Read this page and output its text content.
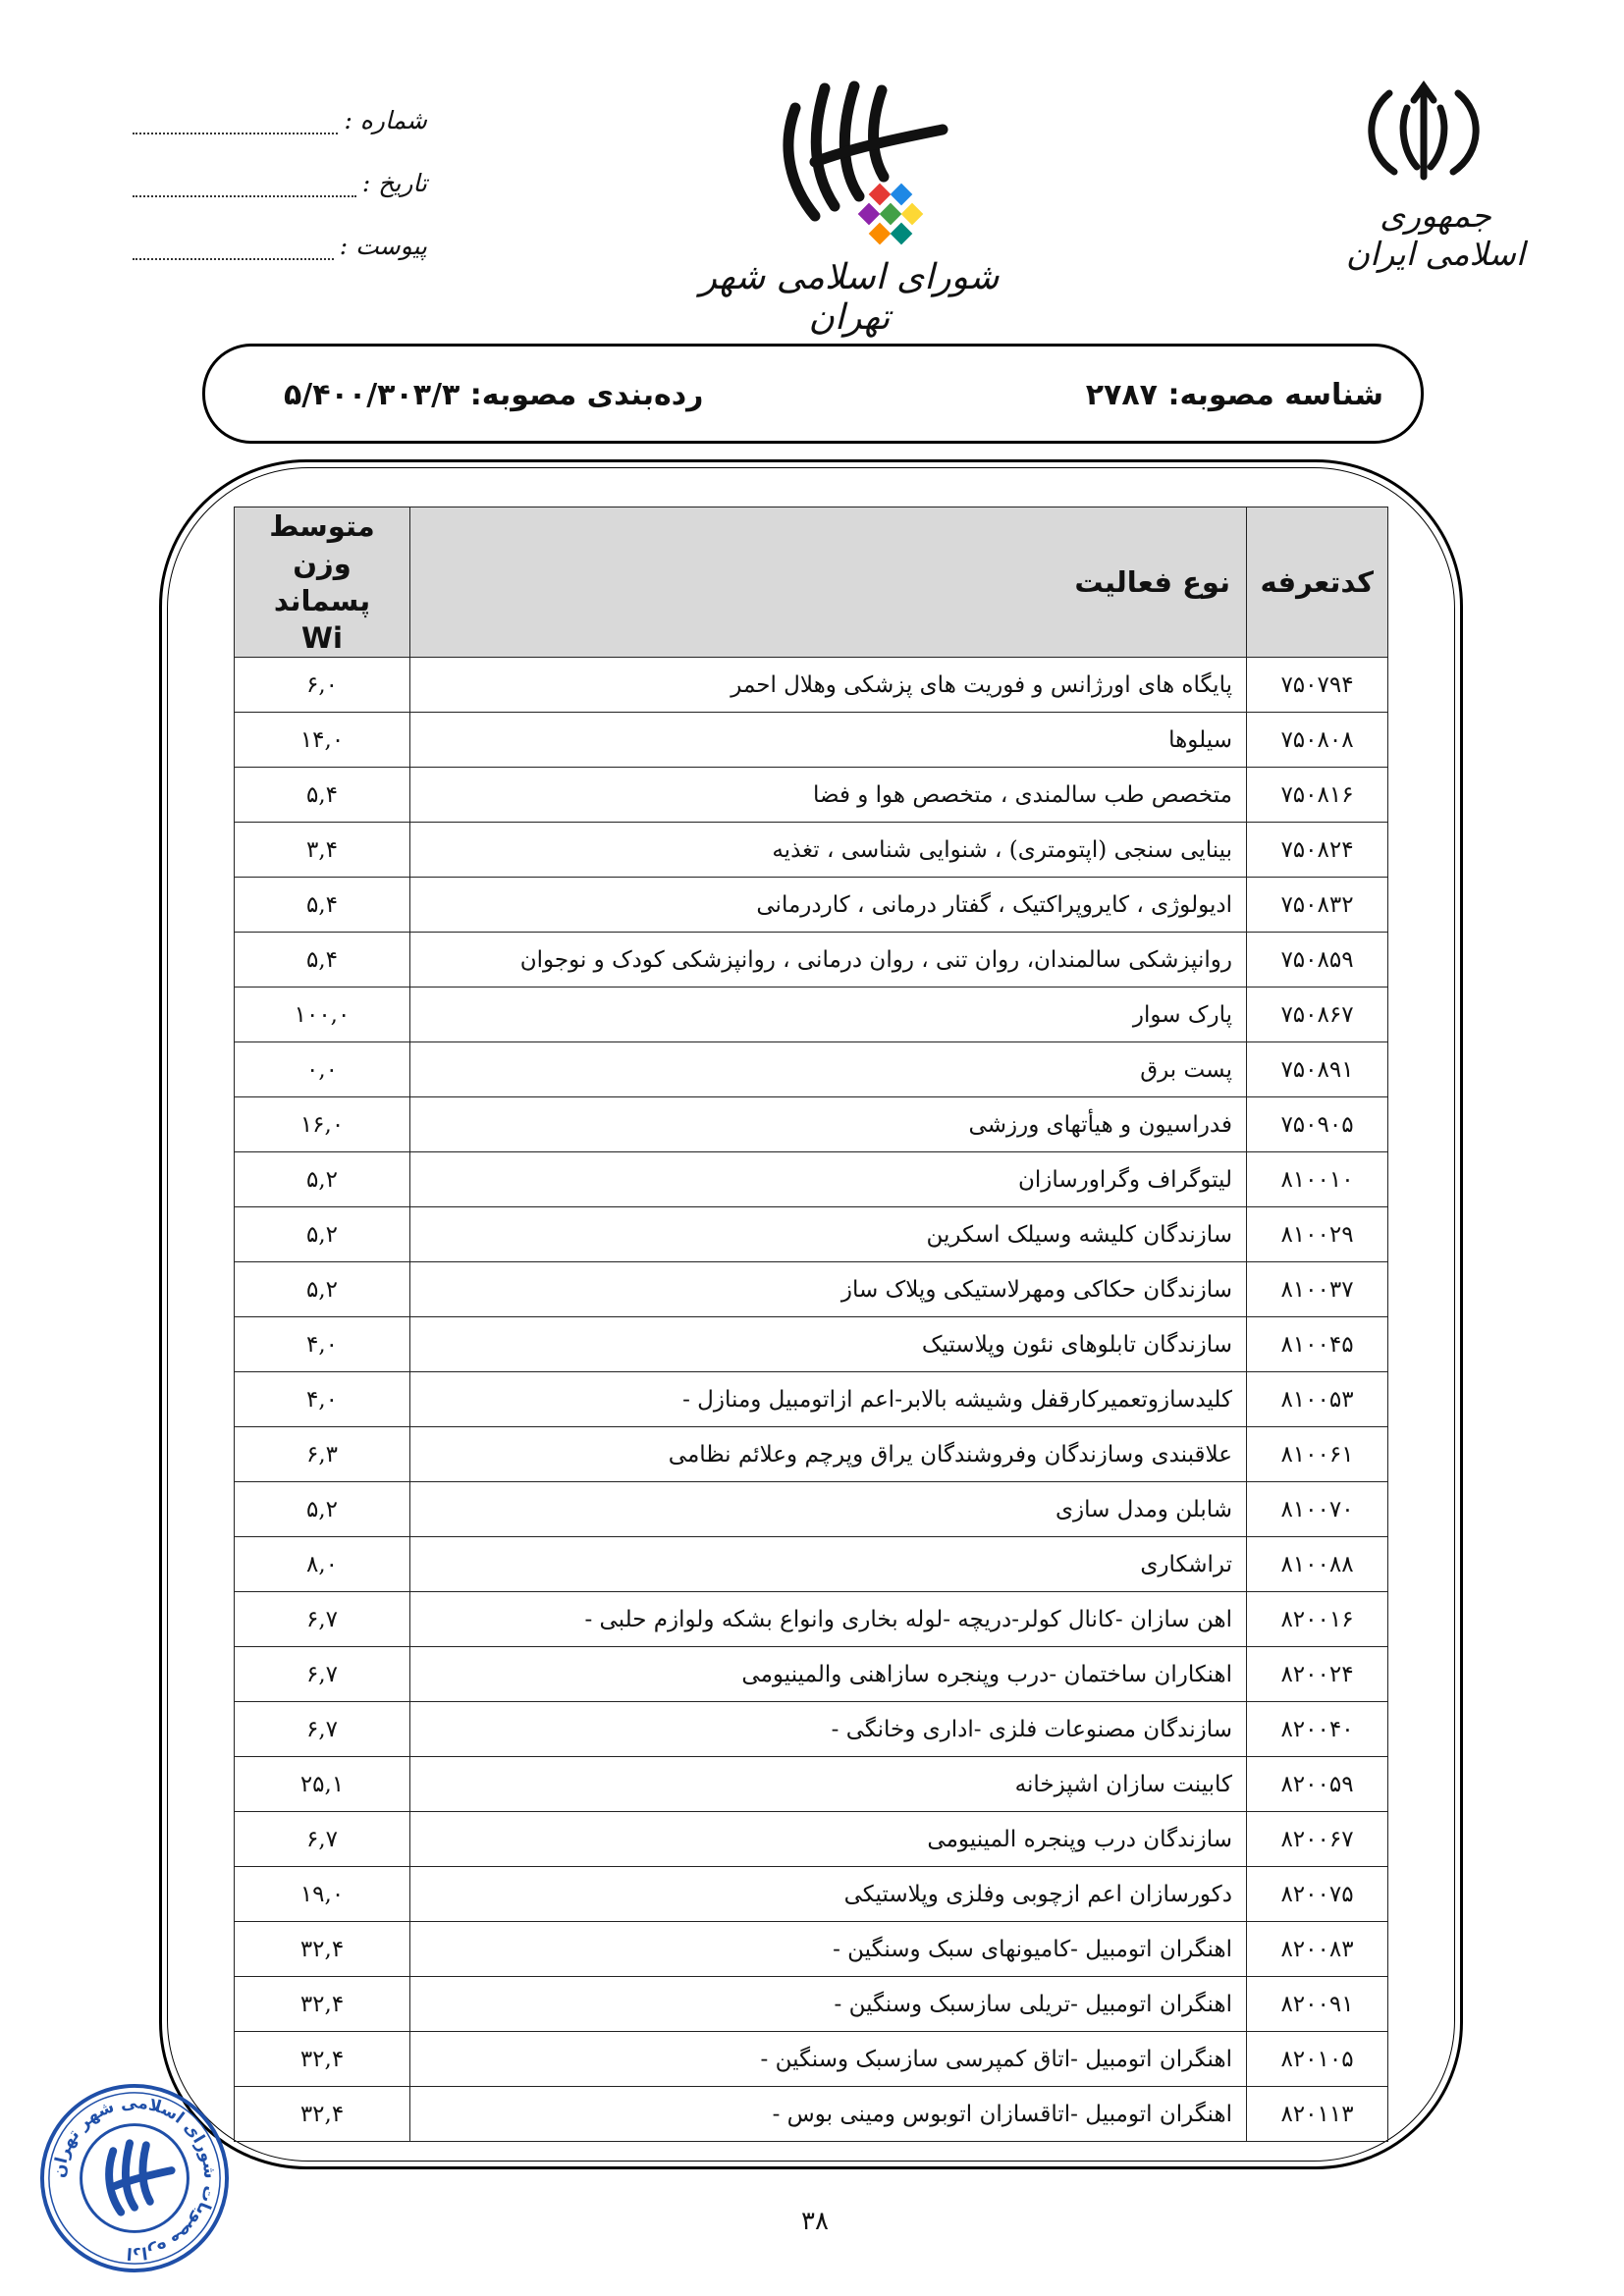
جمهوری اسلامی ایران
شورای اسلامی شهر تهران
شماره :
تاریخ :
پیوست :
شناسه مصوبه: ۲۷۸۷
رده‌بندی مصوبه: ۵/۴۰۰/۳۰۳/۳
کدتعرفه	نوع فعالیت	متوسط وزن
پسماند Wi

۷۵۰۷۹۴	پایگاه های اورژانس و فوریت های پزشکی وهلال احمر	۶,۰
۷۵۰۸۰۸	سیلوها	۱۴,۰
۷۵۰۸۱۶	متخصص طب سالمندی ، متخصص هوا و فضا	۵,۴
۷۵۰۸۲۴	بینایی سنجی (اپتومتری) ، شنوایی شناسی ، تغذیه	۳,۴
۷۵۰۸۳۲	ادیولوژی ، کایروپراکتیک ، گفتار درمانی ، کاردرمانی	۵,۴
۷۵۰۸۵۹	روانپزشکی سالمندان، روان تنی ، روان درمانی ، روانپزشکی کودک و نوجوان	۵,۴
۷۵۰۸۶۷	پارک سوار	۱۰۰,۰
۷۵۰۸۹۱	پست برق	۰,۰
۷۵۰۹۰۵	فدراسیون و هیأتهای ورزشی	۱۶,۰
۸۱۰۰۱۰	لیتوگراف وگراورسازان	۵,۲
۸۱۰۰۲۹	سازندگان کلیشه وسیلک اسکرین	۵,۲
۸۱۰۰۳۷	سازندگان حکاکی ومهرلاستیکی وپلاک ساز	۵,۲
۸۱۰۰۴۵	سازندگان تابلوهای نئون وپلاستیک	۴,۰
۸۱۰۰۵۳	کلیدسازوتعمیرکارقفل وشیشه بالابر-اعم ازاتومبیل ومنازل -	۴,۰
۸۱۰۰۶۱	علاقبندی وسازندگان وفروشندگان یراق وپرچم وعلائم نظامی	۶,۳
۸۱۰۰۷۰	شابلن ومدل سازی	۵,۲
۸۱۰۰۸۸	تراشکاری	۸,۰
۸۲۰۰۱۶	اهن سازان -کانال کولر-دریچه -لوله بخاری وانواع بشکه ولوازم حلبی -	۶,۷
۸۲۰۰۲۴	اهنکاران ساختمان -درب وپنجره سازاهنی والمینیومی	۶,۷
۸۲۰۰۴۰	سازندگان مصنوعات فلزی -اداری وخانگی -	۶,۷
۸۲۰۰۵۹	کابینت سازان اشپزخانه	۲۵,۱
۸۲۰۰۶۷	سازندگان درب وپنجره المینیومی	۶,۷
۸۲۰۰۷۵	دکورسازان اعم ازچوبی وفلزی وپلاستیکی	۱۹,۰
۸۲۰۰۸۳	اهنگران اتومبیل -کامیونهای سبک وسنگین -	۳۲,۴
۸۲۰۰۹۱	اهنگران اتومبیل -تریلی سازسبک وسنگین -	۳۲,۴
۸۲۰۱۰۵	اهنگران اتومبیل -اتاق کمپرسی سازسبک وسنگین -	۳۲,۴
۸۲۰۱۱۳	اهنگران اتومبیل -اتاقسازان اتوبوس ومینی بوس -	۳۲,۴
۳۸
اداره مصوبات شورای اسلامی شهر تهران
